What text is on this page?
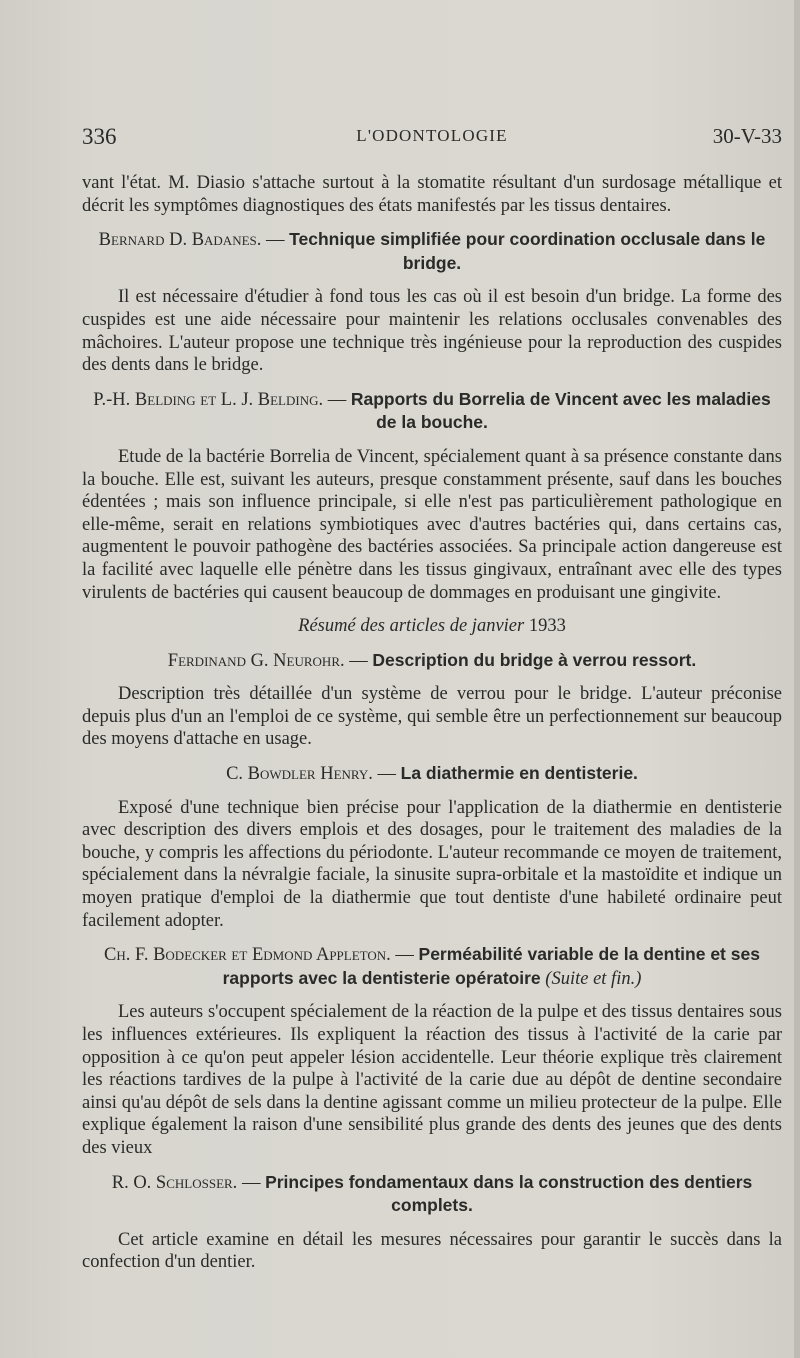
336	L'ODONTOLOGIE	30-V-33

vant l'état. M. Diasio s'attache surtout à la stomatite résultant d'un surdosage métallique et décrit les symptômes diagnostiques des états manifestés par les tissus dentaires.

Bernard D. Badanes. — Technique simplifiée pour coordination occlusale dans le bridge.

Il est nécessaire d'étudier à fond tous les cas où il est besoin d'un bridge. La forme des cuspides est une aide nécessaire pour maintenir les relations occlusales convenables des mâchoires. L'auteur propose une technique très ingénieuse pour la reproduction des cuspides des dents dans le bridge.

P.-H. Belding et L. J. Belding. — Rapports du Borrelia de Vincent avec les maladies de la bouche.

Etude de la bactérie Borrelia de Vincent, spécialement quant à sa présence constante dans la bouche. Elle est, suivant les auteurs, presque constamment présente, sauf dans les bouches édentées ; mais son influence principale, si elle n'est pas particulièrement pathologique en elle-même, serait en relations symbiotiques avec d'autres bactéries qui, dans certains cas, augmentent le pouvoir pathogène des bactéries associées. Sa principale action dangereuse est la facilité avec laquelle elle pénètre dans les tissus gingivaux, entraînant avec elle des types virulents de bactéries qui causent beaucoup de dommages en produisant une gingivite.

Résumé des articles de janvier 1933

Ferdinand G. Neurohr. — Description du bridge à verrou ressort.

Description très détaillée d'un système de verrou pour le bridge. L'auteur préconise depuis plus d'un an l'emploi de ce système, qui semble être un perfectionnement sur beaucoup des moyens d'attache en usage.

C. Bowdler Henry. — La diathermie en dentisterie.

Exposé d'une technique bien précise pour l'application de la diathermie en dentisterie avec description des divers emplois et des dosages, pour le traitement des maladies de la bouche, y compris les affections du périodonte. L'auteur recommande ce moyen de traitement, spécialement dans la névralgie faciale, la sinusite supra-orbitale et la mastoïdite et indique un moyen pratique d'emploi de la diathermie que tout dentiste d'une habileté ordinaire peut facilement adopter.

Ch. F. Bodecker et Edmond Appleton. — Perméabilité variable de la dentine et ses rapports avec la dentisterie opératoire (Suite et fin.)

Les auteurs s'occupent spécialement de la réaction de la pulpe et des tissus dentaires sous les influences extérieures. Ils expliquent la réaction des tissus à l'activité de la carie par opposition à ce qu'on peut appeler lésion accidentelle. Leur théorie explique très clairement les réactions tardives de la pulpe à l'activité de la carie due au dépôt de dentine secondaire ainsi qu'au dépôt de sels dans la dentine agissant comme un milieu protecteur de la pulpe. Elle explique également la raison d'une sensibilité plus grande des dents des jeunes que des dents des vieux

R. O. Schlosser. — Principes fondamentaux dans la construction des dentiers complets.

Cet article examine en détail les mesures nécessaires pour garantir le succès dans la confection d'un dentier.
